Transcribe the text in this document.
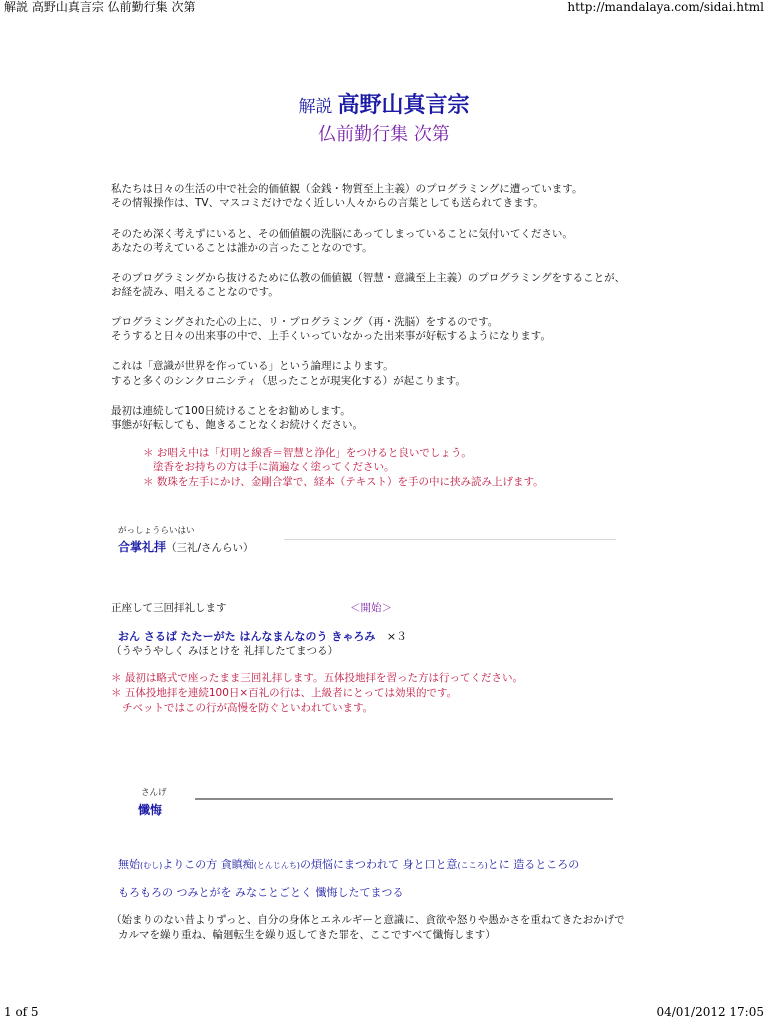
解説 高野山真言宗 仏前勤行集 次第	http://mandalaya.com/sidai.html
解説 高野山真言宗
仏前勤行集 次第
私たちは日々の生活の中で社会的価値観（金銭・物質至上主義）のプログラミングに遭っています。
その情報操作は、TV、マスコミだけでなく近しい人々からの言葉としても送られてきます。
そのため深く考えずにいると、その価値観の洗脳にあってしまっていることに気付いてください。
あなたの考えていることは誰かの言ったことなのです。
そのプログラミングから抜けるために仏教の価値観（智慧・意識至上主義）のプログラミングをすることが、
お経を読み、唱えることなのです。
プログラミングされた心の上に、リ・プログラミング（再・洗脳）をするのです。
そうすると日々の出来事の中で、上手くいっていなかった出来事が好転するようになります。
これは「意識が世界を作っている」という論理によります。
すると多くのシンクロニシティ（思ったことが現実化する）が起こります。
最初は連続して100日続けることをお勧めします。
事態が好転しても、飽きることなくお続けください。
＊ お唱え中は「灯明と線香＝智慧と浄化」をつけると良いでしょう。
塗香をお持ちの方は手に満遍なく塗ってください。
＊ 数珠を左手にかけ、金剛合掌で、経本（テキスト）を手の中に挟み読み上げます。
がっしょうらいはい
合掌礼拝（三礼/さんらい）
正座して三回拝礼します	＜開始＞
おん さるば たたーがた はんなまんなのう きゃろみ ×３
（うやうやしく みほとけを 礼拝したてまつる）
＊ 最初は略式で座ったまま三回礼拝します。五体投地拝を習った方は行ってください。
＊ 五体投地拝を連続100日×百礼の行は、上級者にとっては効果的です。
チベットではこの行が高慢を防ぐといわれています。
さんげ
懺悔
無始(むし)よりこの方 貪瞋痴(とんじんち)の煩悩にまつわれて 身と口と意(こころ)とに 造るところの
もろもろの つみとがを みなことごとく 懺悔したてまつる
（始まりのない昔よりずっと、自分の身体とエネルギーと意識に、貪欲や怒りや愚かさを重ねてきたおかげで
カルマを繰り重ね、輪廻転生を繰り返してきた罪を、ここですべて懺悔します）
1 of 5	04/01/2012 17:05
